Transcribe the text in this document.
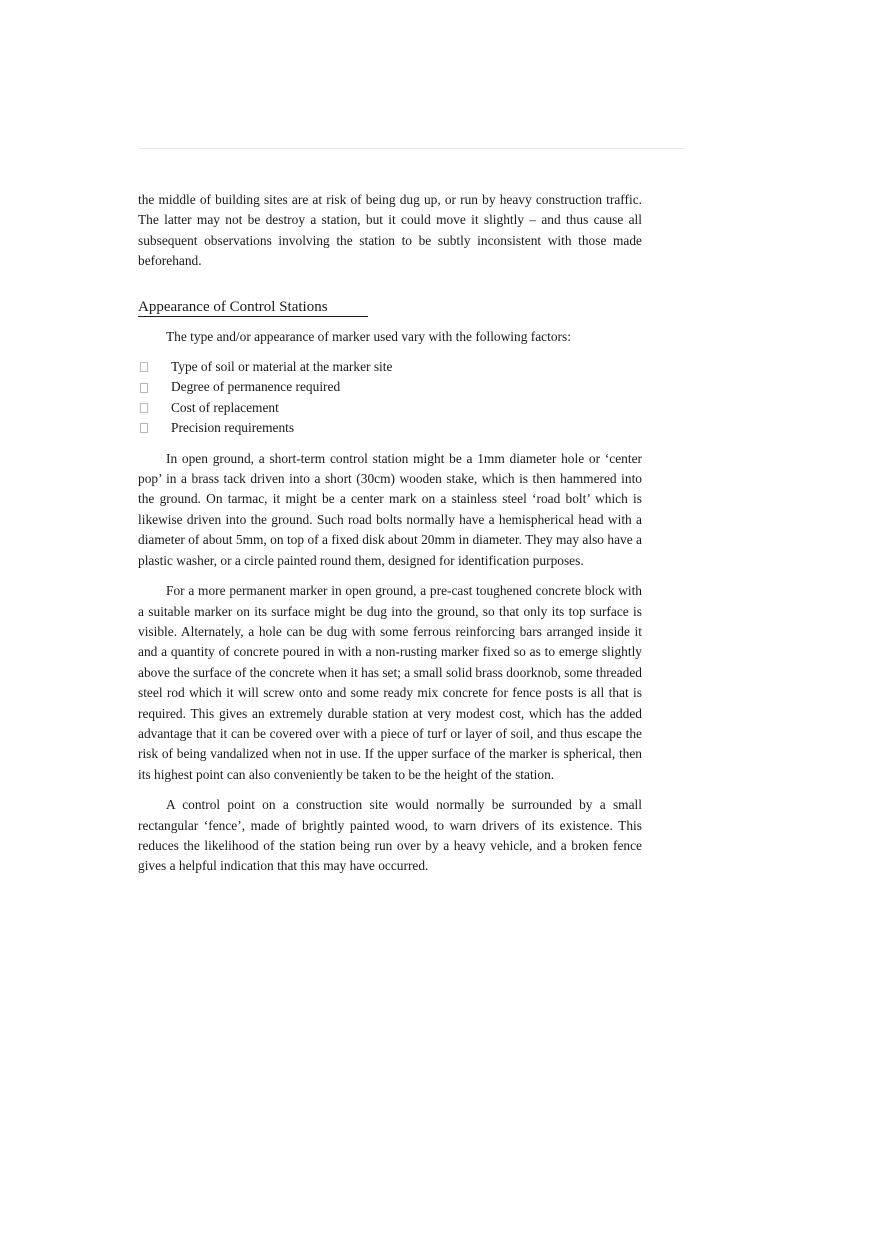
the middle of building sites are at risk of being dug up, or run by heavy construction traffic. The latter may not be destroy a station, but it could move it slightly – and thus cause all subsequent observations involving the station to be subtly inconsistent with those made beforehand.

Appearance of Control Stations

The type and/or appearance of marker used vary with the following factors:

Type of soil or material at the marker site
Degree of permanence required
Cost of replacement
Precision requirements

In open ground, a short-term control station might be a 1mm diameter hole or ‘center pop’ in a brass tack driven into a short (30cm) wooden stake, which is then hammered into the ground. On tarmac, it might be a center mark on a stainless steel ‘road bolt’ which is likewise driven into the ground. Such road bolts normally have a hemispherical head with a diameter of about 5mm, on top of a fixed disk about 20mm in diameter. They may also have a plastic washer, or a circle painted round them, designed for identification purposes.

For a more permanent marker in open ground, a pre-cast toughened concrete block with a suitable marker on its surface might be dug into the ground, so that only its top surface is visible. Alternately, a hole can be dug with some ferrous reinforcing bars arranged inside it and a quantity of concrete poured in with a non-rusting marker fixed so as to emerge slightly above the surface of the concrete when it has set; a small solid brass doorknob, some threaded steel rod which it will screw onto and some ready mix concrete for fence posts is all that is required. This gives an extremely durable station at very modest cost, which has the added advantage that it can be covered over with a piece of turf or layer of soil, and thus escape the risk of being vandalized when not in use. If the upper surface of the marker is spherical, then its highest point can also conveniently be taken to be the height of the station.

A control point on a construction site would normally be surrounded by a small rectangular ‘fence’, made of brightly painted wood, to warn drivers of its existence. This reduces the likelihood of the station being run over by a heavy vehicle, and a broken fence gives a helpful indication that this may have occurred.
